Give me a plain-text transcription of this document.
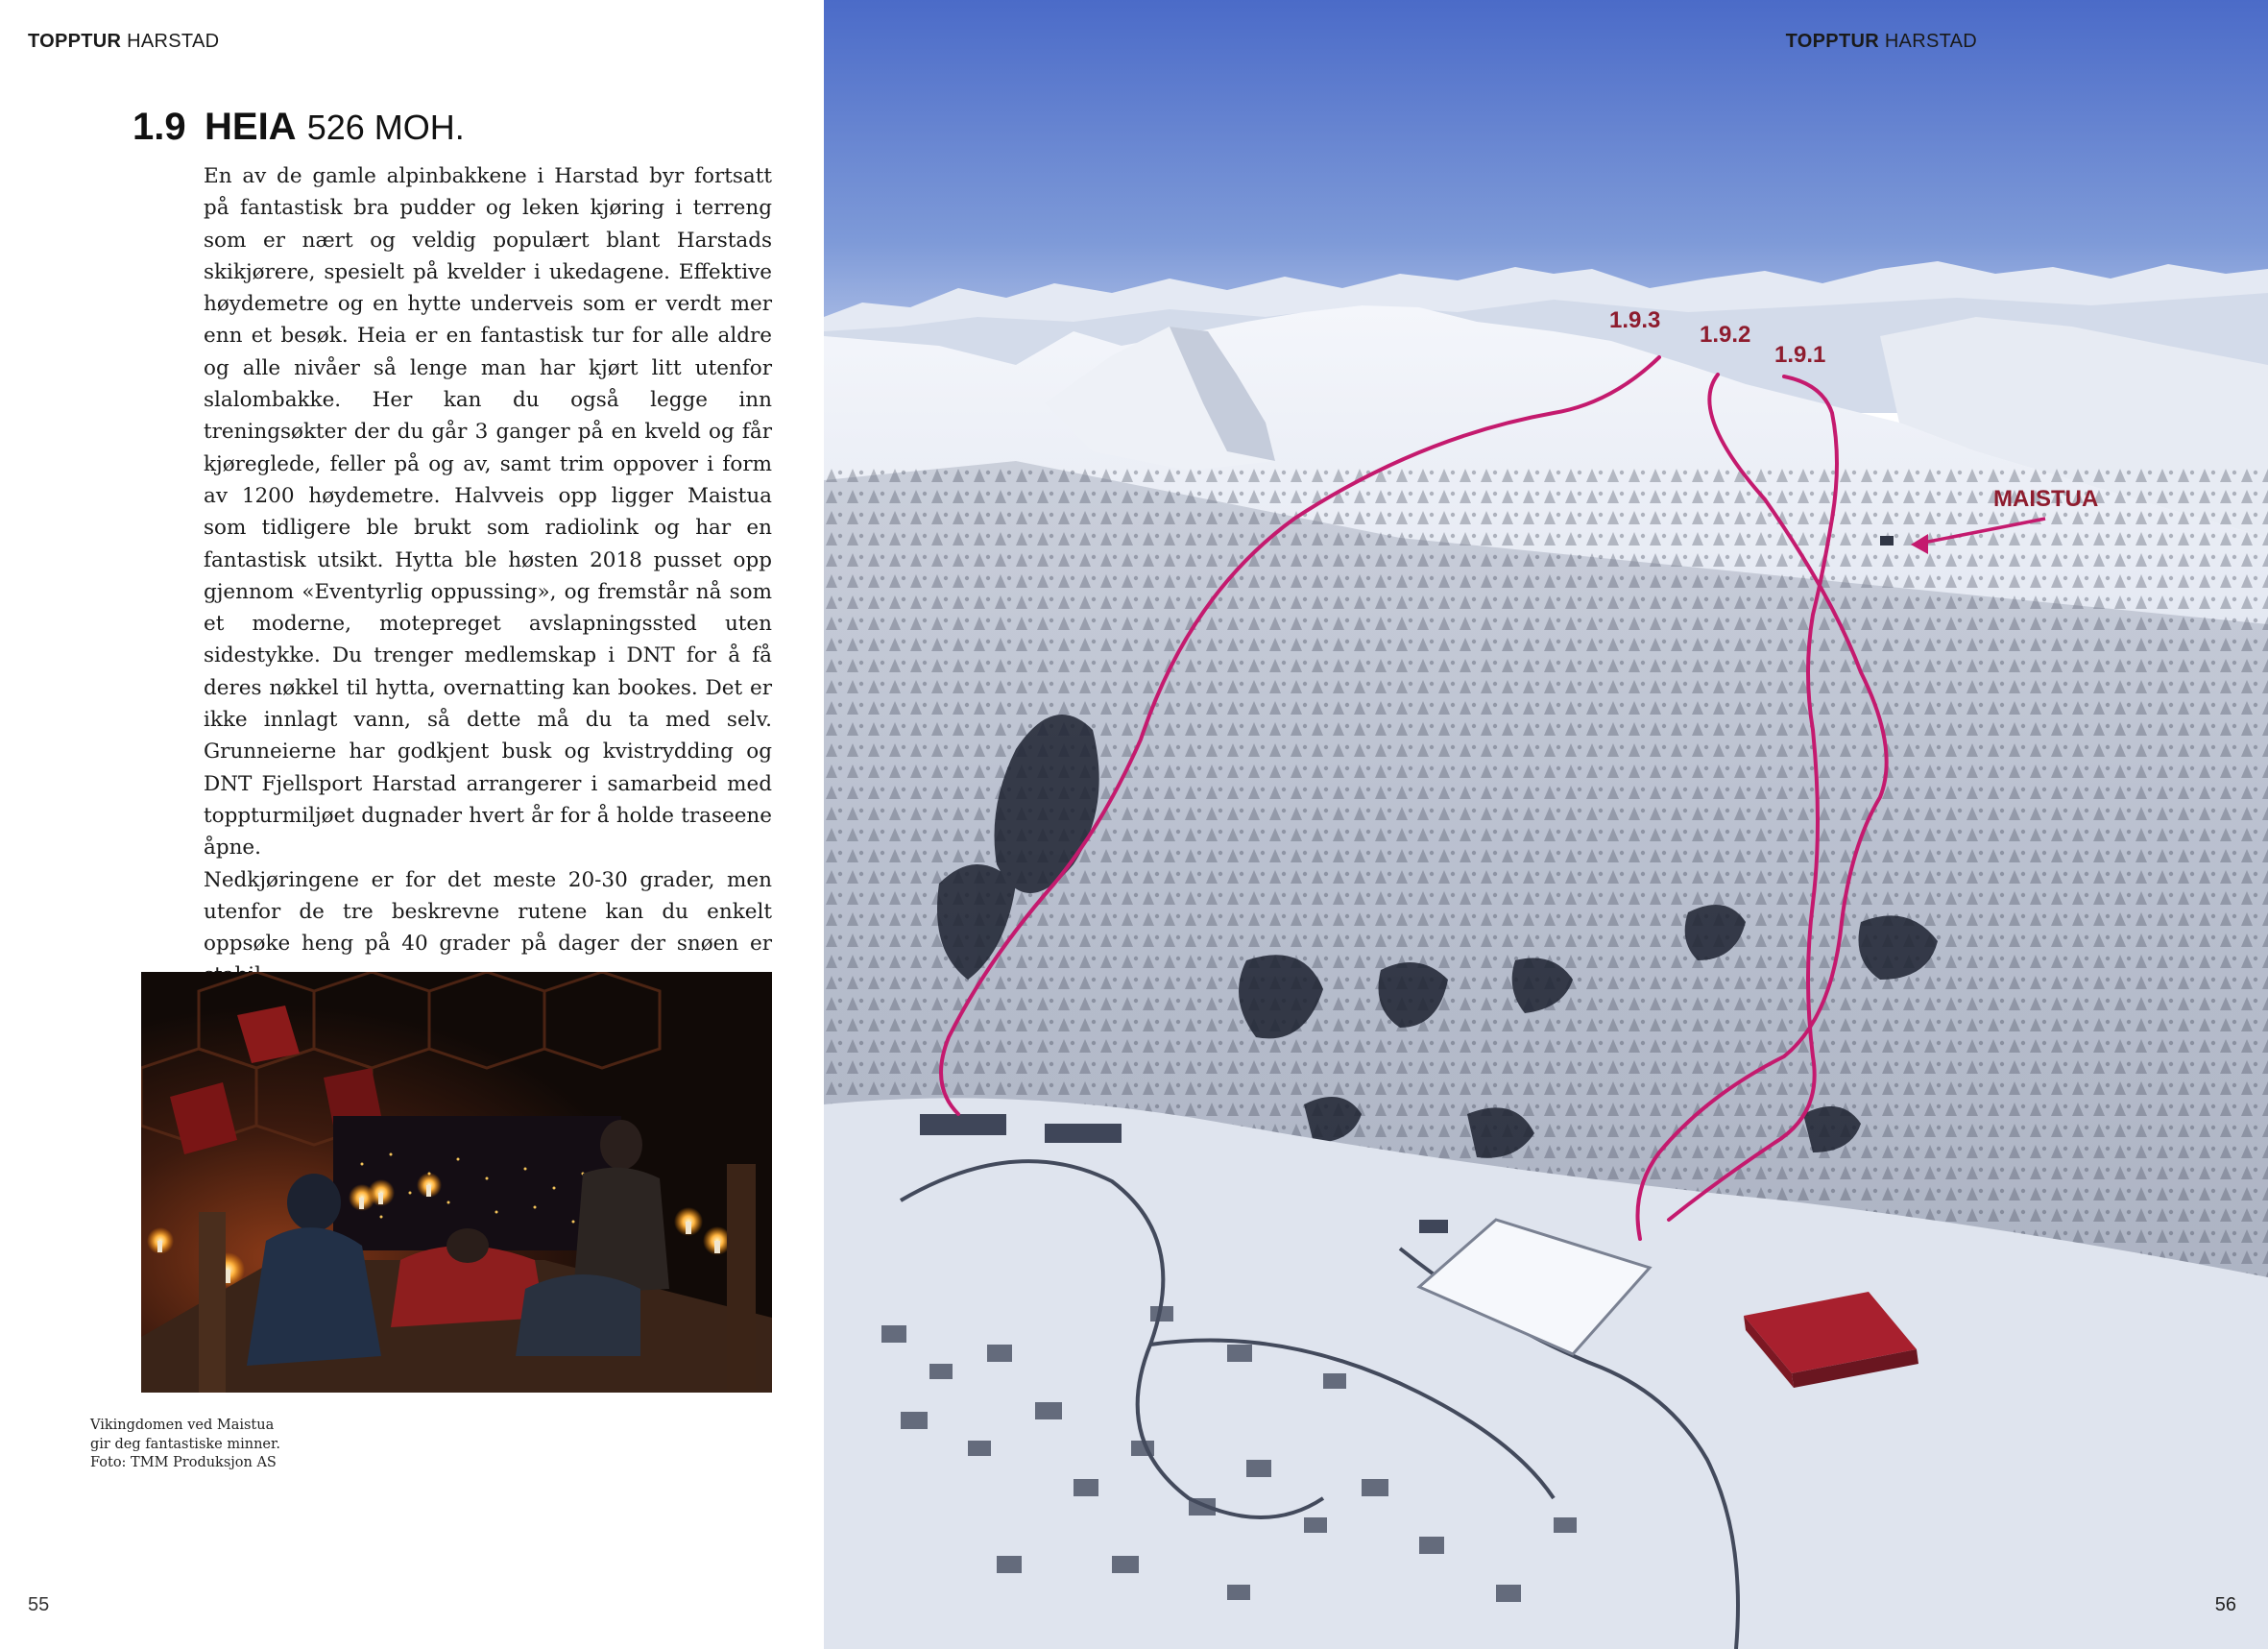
TOPPTUR HARSTAD
1.9 HEIA 526 MOH.

En av de gamle alpinbakkene i Harstad byr fortsatt på fantastisk bra pudder og leken kjøring i terreng som er nært og veldig populært blant Harstads skikjørere, spesielt på kvelder i ukedagene. Effektive høydemetre og en hytte underveis som er verdt mer enn et besøk. Heia er en fantastisk tur for alle aldre og alle nivåer så lenge man har kjørt litt utenfor slalombakke. Her kan du også legge inn treningsøkter der du går 3 ganger på en kveld og får kjøreglede, feller på og av, samt trim oppover i form av 1200 høydemetre. Halvveis opp ligger Maistua som tidligere ble brukt som radiolink og har en fantastisk utsikt. Hytta ble høsten 2018 pusset opp gjennom «Eventyrlig oppussing», og fremstår nå som et moderne, motepreget avslapningssted uten sidestykke. Du trenger medlemskap i DNT for å få deres nøkkel til hytta, overnatting kan bookes. Det er ikke innlagt vann, så dette må du ta med selv. Grunneierne har godkjent busk og kvistrydding og DNT Fjellsport Harstad arrangerer i samarbeid med toppturmiljøet dugnader hvert år for å holde traseene åpne.

Nedkjøringene er for det meste 20-30 grader, men utenfor de tre beskrevne rutene kan du enkelt oppsøke heng på 40 grader på dager der snøen er

Vikingdomen ved Maistua
gir deg fantastiske minner.
Foto: TMM Produksjon AS
55
1.9.3
1.9.2
1.9.1
MAISTUA
TOPPTUR HARSTAD
56
